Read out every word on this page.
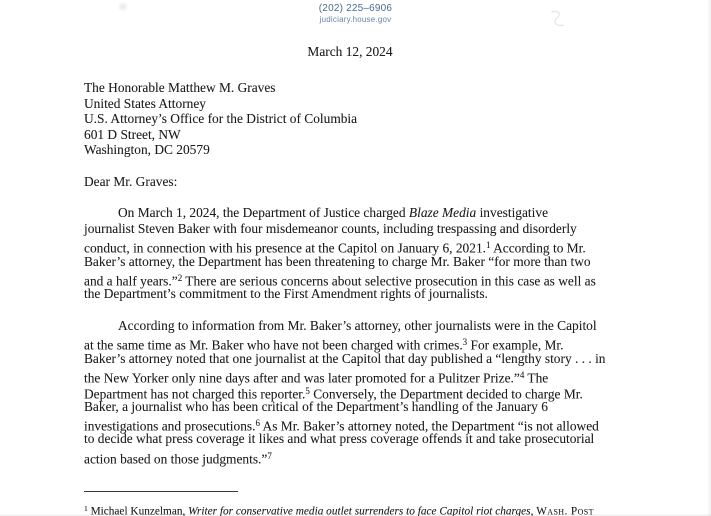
(202) 225–6906
judiciary.house.gov
March 12, 2024
The Honorable Matthew M. Graves
United States Attorney
U.S. Attorney’s Office for the District of Columbia
601 D Street, NW
Washington, DC 20579
Dear Mr. Graves:
On March 1, 2024, the Department of Justice charged Blaze Media investigative
journalist Steven Baker with four misdemeanor counts, including trespassing and disorderly
conduct, in connection with his presence at the Capitol on January 6, 2021.$^1$ According to Mr.
Baker’s attorney, the Department has been threatening to charge Mr. Baker “for more than two
and a half years.”$^2$ There are serious concerns about selective prosecution in this case as well as
the Department’s commitment to the First Amendment rights of journalists.
According to information from Mr. Baker’s attorney, other journalists were in the Capitol
at the same time as Mr. Baker who have not been charged with crimes.$^3$ For example, Mr.
Baker’s attorney noted that one journalist at the Capitol that day published a “lengthy story . . . in
the New Yorker only nine days after and was later promoted for a Pulitzer Prize.”$^4$ The
Department has not charged this reporter.$^5$ Conversely, the Department decided to charge Mr.
Baker, a journalist who has been critical of the Department’s handling of the January 6
investigations and prosecutions.$^6$ As Mr. Baker’s attorney noted, the Department “is not allowed
to decide what press coverage it likes and what press coverage offends it and take prosecutorial
action based on those judgments.”$^7$
$^1$ Michael Kunzelman, Writer for conservative media outlet surrenders to face Capitol riot charges, Wash. Post
